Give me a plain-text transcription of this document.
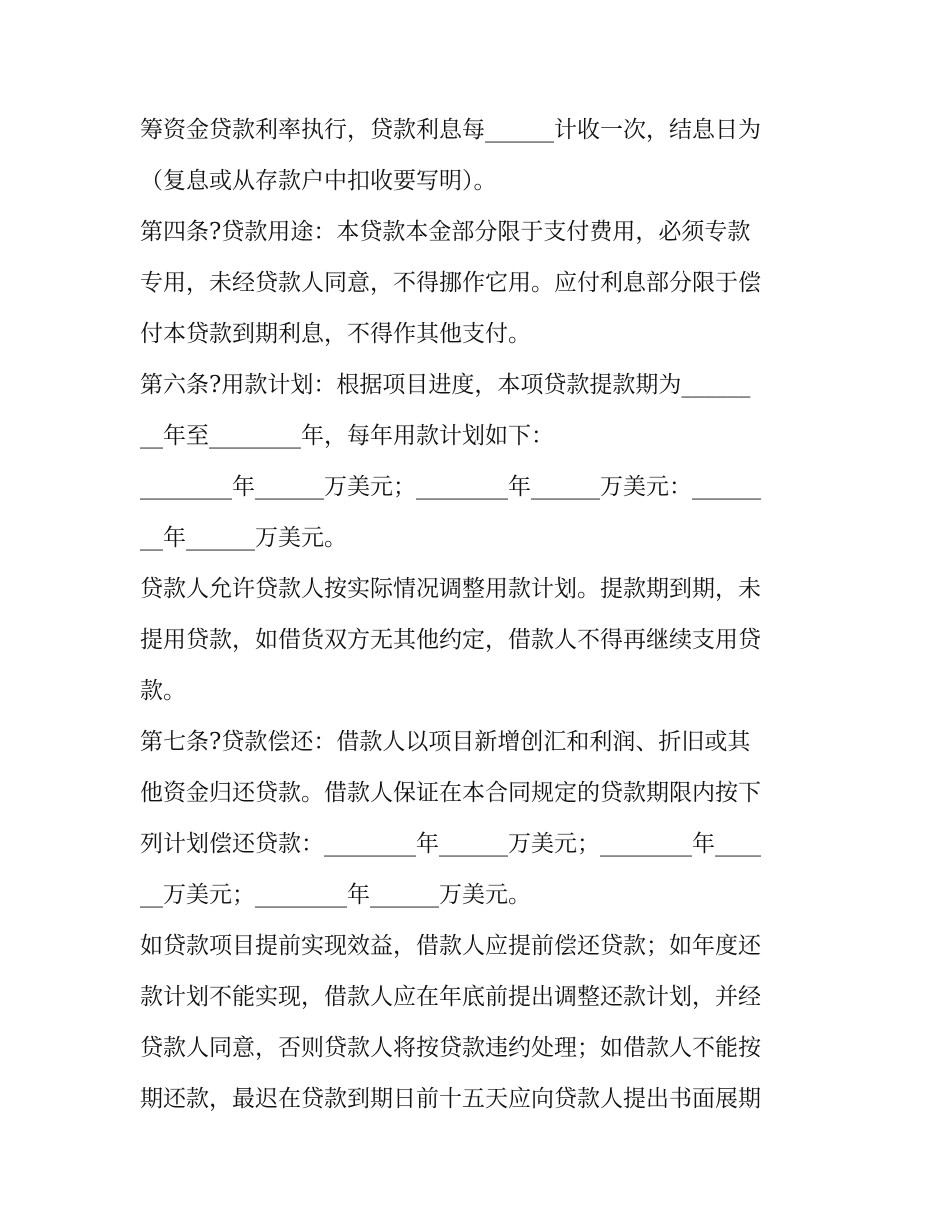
筹资金贷款利率执行，贷款利息每______计收一次，结息日为
（复息或从存款户中扣收要写明）。
第四条?贷款用途：本贷款本金部分限于支付费用，必须专款
专用，未经贷款人同意，不得挪作它用。应付利息部分限于偿
付本贷款到期利息，不得作其他支付。
第六条?用款计划：根据项目进度，本项贷款提款期为______
__年至________年，每年用款计划如下：
________年______万美元；________年______万美元：______
__年______万美元。
贷款人允许贷款人按实际情况调整用款计划。提款期到期，未
提用贷款，如借货双方无其他约定，借款人不得再继续支用贷
款。
第七条?贷款偿还：借款人以项目新增创汇和利润、折旧或其
他资金归还贷款。借款人保证在本合同规定的贷款期限内按下
列计划偿还贷款：________年______万美元；________年____
__万美元；________年______万美元。
如贷款项目提前实现效益，借款人应提前偿还贷款；如年度还
款计划不能实现，借款人应在年底前提出调整还款计划，并经
贷款人同意，否则贷款人将按贷款违约处理；如借款人不能按
期还款，最迟在贷款到期日前十五天应向贷款人提出书面展期
